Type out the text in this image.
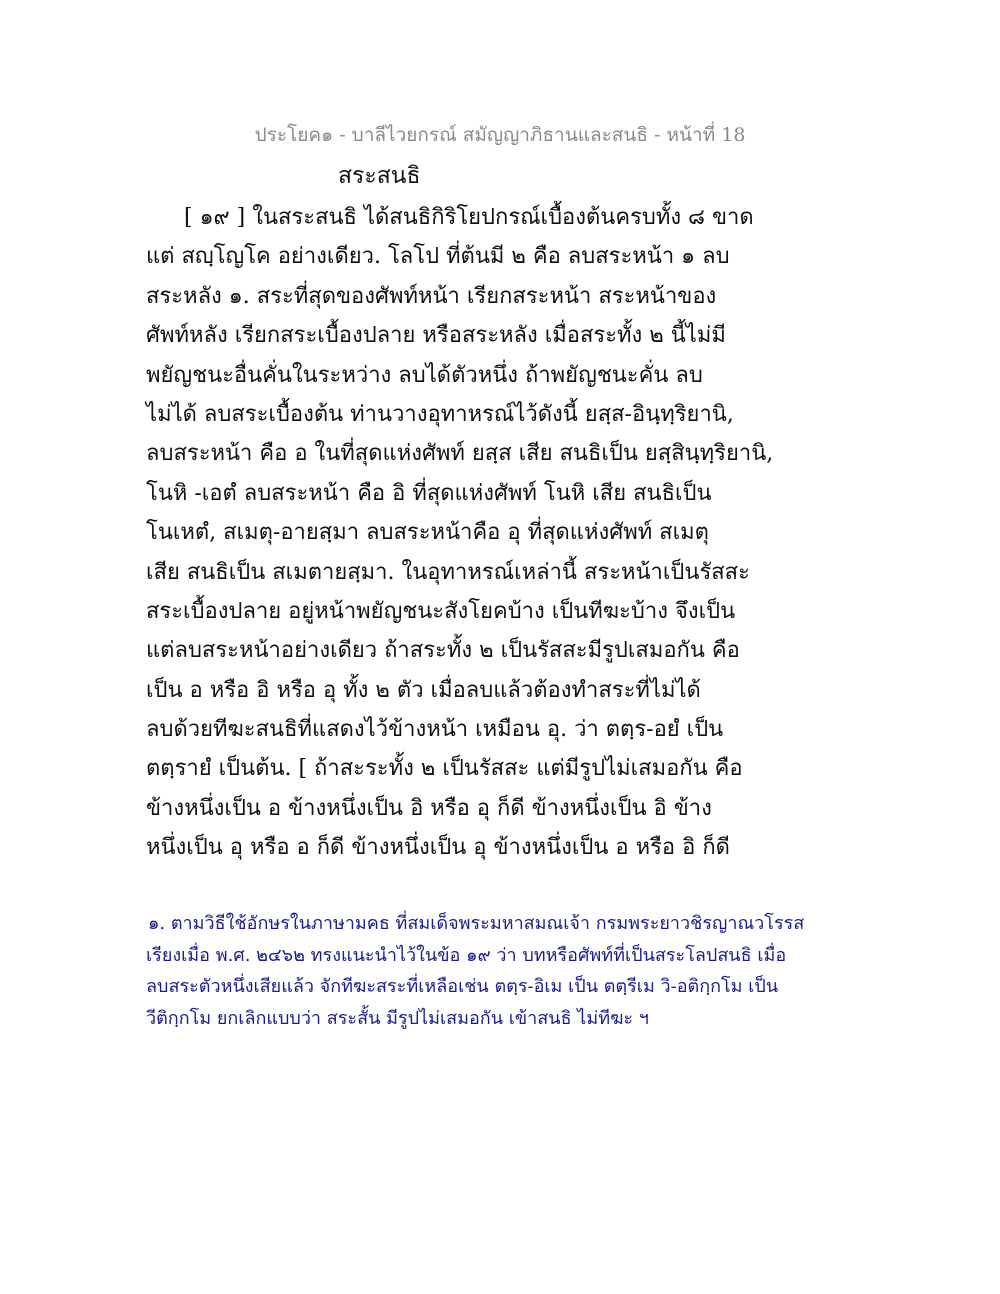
ประโยค๑ - บาลีไวยกรณ์ สมัญญาภิธานและสนธิ - หน้าที่ 18
สระสนธิ
[ ๑๙ ] ในสระสนธิ ได้สนธิกิริโยปกรณ์เบื้องต้นครบทั้ง ๘ ขาด
แต่ สญฺโญโค อย่างเดียว. โลโป ที่ต้นมี ๒ คือ ลบสระหน้า ๑ ลบ
สระหลัง ๑. สระที่สุดของศัพท์หน้า เรียกสระหน้า สระหน้าของ
ศัพท์หลัง เรียกสระเบื้องปลาย หรือสระหลัง เมื่อสระทั้ง ๒ นี้ไม่มี
พยัญชนะอื่นคั่นในระหว่าง ลบได้ตัวหนึ่ง ถ้าพยัญชนะคั่น ลบ
ไม่ได้ ลบสระเบื้องต้น ท่านวางอุทาหรณ์ไว้ดังนี้ ยสฺส-อินฺทฺริยานิ,
ลบสระหน้า คือ อ ในที่สุดแห่งศัพท์ ยสฺส เสีย สนธิเป็น ยสฺสินฺทฺริยานิ,
โนหิ -เอตํ ลบสระหน้า คือ อิ ที่สุดแห่งศัพท์ โนหิ เสีย สนธิเป็น
โนเหตํ, สเมตุ-อายสฺมา ลบสระหน้าคือ อุ ที่สุดแห่งศัพท์ สเมตุ
เสีย สนธิเป็น สเมตายสฺมา. ในอุทาหรณ์เหล่านี้ สระหน้าเป็นรัสสะ
สระเบื้องปลาย อยู่หน้าพยัญชนะสังโยคบ้าง เป็นทีฆะบ้าง จึงเป็น
แต่ลบสระหน้าอย่างเดียว ถ้าสระทั้ง ๒ เป็นรัสสะมีรูปเสมอกัน คือ
เป็น อ หรือ อิ หรือ อุ ทั้ง ๒ ตัว เมื่อลบแล้วต้องทำสระที่ไม่ได้
ลบด้วยทีฆะสนธิที่แสดงไว้ข้างหน้า เหมือน อุ. ว่า ตตฺร-อยํ เป็น
ตตฺรายํ เป็นต้น. [ ถ้าสะระทั้ง ๒ เป็นรัสสะ แต่มีรูปไม่เสมอกัน คือ
ข้างหนึ่งเป็น อ ข้างหนึ่งเป็น อิ หรือ อุ ก็ดี ข้างหนึ่งเป็น อิ ข้าง
หนึ่งเป็น อุ หรือ อ ก็ดี ข้างหนึ่งเป็น อุ ข้างหนึ่งเป็น อ หรือ อิ ก็ดี
๑. ตามวิธีใช้อักษรในภาษามคธ ที่สมเด็จพระมหาสมณเจ้า กรมพระยาวชิรญาณวโรรส
เรียงเมื่อ พ.ศ. ๒๔๖๒ ทรงแนะนำไว้ในข้อ ๑๙ ว่า บทหรือศัพท์ที่เป็นสระโลปสนธิ เมื่อ
ลบสระตัวหนึ่งเสียแล้ว จักทีฆะสระที่เหลือเช่น ตตฺร-อิเม เป็น ตตฺรีเม วิ-อติกฺกโม เป็น
วีติกฺกโม ยกเลิกแบบว่า สระสั้น มีรูปไม่เสมอกัน เข้าสนธิ ไม่ทีฆะ ฯ
